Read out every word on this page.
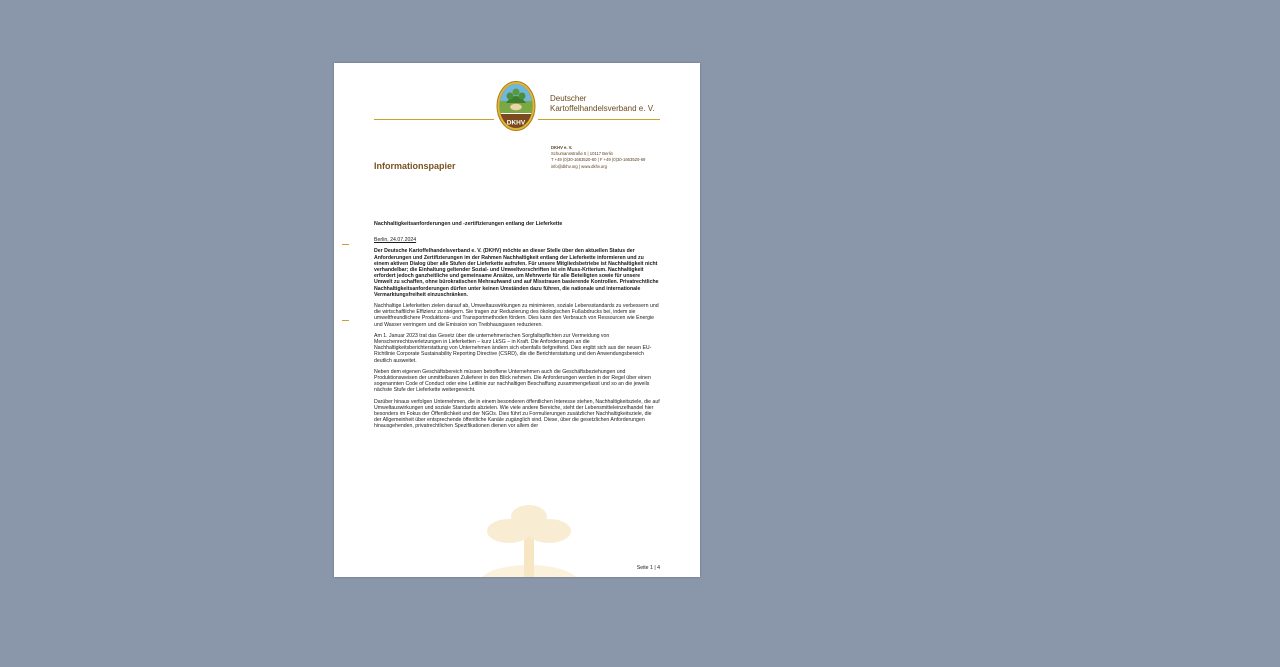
DKHV
Deutscher
Kartoffelhandelsverband e. V.
Informationspapier
DKHV e. V.
Schumannstraße 5 | 10117 Berlin
T +49 (0)30-1663520-60 | F +49 (0)30-1663520-69
info@dkhv.org | www.dkhv.org
Nachhaltigkeitsanforderungen und -zertifizierungen entlang der Lieferkette
Berlin, 24.07.2024
Der Deutsche Kartoffelhandelsverband e. V. (DKHV) möchte an dieser Stelle über den aktuellen Status der Anforderungen und Zertifizierungen im der Rahmen Nachhaltigkeit entlang der Lieferkette informieren und zu einem aktiven Dialog über alle Stufen der Lieferkette aufrufen. Für unsere Mitgliedsbetriebe ist Nachhaltigkeit nicht verhandelbar; die Einhaltung geltender Sozial- und Umweltvorschriften ist ein Muss-Kriterium. Nachhaltigkeit erfordert jedoch ganzheitliche und gemeinsame Ansätze, um Mehrwerte für alle Beteiligten sowie für unsere Umwelt zu schaffen, ohne bürokratischen Mehraufwand und auf Misstrauen basierende Kontrollen. Privatrechtliche Nachhaltigkeitsanforderungen dürfen unter keinen Umständen dazu führen, die nationale und internationale Vermarktungsfreiheit einzuschränken.
Nachhaltige Lieferketten zielen darauf ab, Umweltauswirkungen zu minimieren, soziale Lebensstandards zu verbessern und die wirtschaftliche Effizienz zu steigern. Sie tragen zur Reduzierung des ökologischen Fußabdrucks bei, indem sie umweltfreundlichere Produktions- und Transportmethoden fördern. Dies kann den Verbrauch von Ressourcen wie Energie und Wasser verringern und die Emission von Treibhausgasen reduzieren.
Am 1. Januar 2023 trat das Gesetz über die unternehmerischen Sorgfaltspflichten zur Vermeidung von Menschenrechtsverletzungen in Lieferketten – kurz LkSG – in Kraft. Die Anforderungen an die Nachhaltigkeitsberichterstattung von Unternehmen ändern sich ebenfalls tiefgreifend. Dies ergibt sich aus der neuen EU-Richtlinie Corporate Sustainability Reporting Directive (CSRD), die die Berichterstattung und den Anwendungsbereich deutlich ausweitet.
Neben dem eigenen Geschäftsbereich müssen betroffene Unternehmen auch die Geschäftsbeziehungen und Produktionsweisen der unmittelbaren Zulieferer in den Blick nehmen. Die Anforderungen werden in der Regel über einen sogenannten Code of Conduct oder eine Leitlinie zur nachhaltigen Beschaffung zusammengefasst und so an die jeweils nächste Stufe der Lieferkette weitergereicht.
Darüber hinaus verfolgen Unternehmen, die in einem besonderen öffentlichen Interesse stehen, Nachhaltigkeitsziele, die auf Umweltauswirkungen und soziale Standards abzielen. Wie viele andere Bereiche, steht der Lebensmitteleinzelhandel hier besonders im Fokus der Öffentlichkeit und der NGOs. Dies führt zu Formulierungen zusätzlicher Nachhaltigkeitsziele, die der Allgemeinheit über entsprechende öffentliche Kanäle zugänglich sind. Diese, über die gesetzlichen Anforderungen hinausgehenden, privatrechtlichen Spezifikationen dienen vor allem der
Seite 1 | 4
